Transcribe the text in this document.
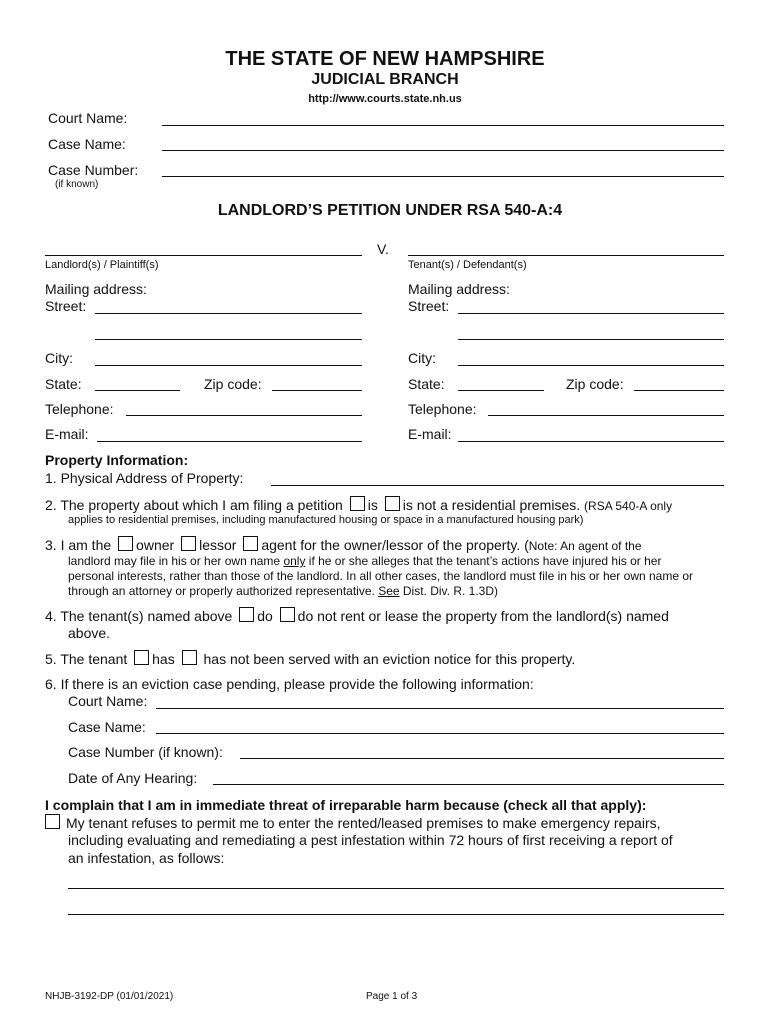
THE STATE OF NEW HAMPSHIRE
JUDICIAL BRANCH
http://www.courts.state.nh.us
Court Name:
Case Name:
Case Number:
(if known)
LANDLORD’S PETITION UNDER RSA 540-A:4
V.
Landlord(s) / Plaintiff(s)	Tenant(s) / Defendant(s)
Mailing address:
Street:
City:
State:	Zip code:
Telephone:
E-mail:
Mailing address:
Street:
City:
State:	Zip code:
Telephone:
E-mail:
Property Information:
1. Physical Address of Property:
2. The property about which I am filing a petition is is not a residential premises. (RSA 540-A only
applies to residential premises, including manufactured housing or space in a manufactured housing park)
3. I am the owner lessor agent for the owner/lessor of the property. (Note: An agent of the
landlord may file in his or her own name only if he or she alleges that the tenant’s actions have injured his or her
personal interests, rather than those of the landlord. In all other cases, the landlord must file in his or her own name or
through an attorney or properly authorized representative. See Dist. Div. R. 1.3D)
4. The tenant(s) named above do do not rent or lease the property from the landlord(s) named
above.
5. The tenant has has not been served with an eviction notice for this property.
6. If there is an eviction case pending, please provide the following information:
Court Name:
Case Name:
Case Number (if known):
Date of Any Hearing:
I complain that I am in immediate threat of irreparable harm because (check all that apply):
My tenant refuses to permit me to enter the rented/leased premises to make emergency repairs,
including evaluating and remediating a pest infestation within 72 hours of first receiving a report of
an infestation, as follows:
NHJB-3192-DP (01/01/2021)	Page 1 of 3
